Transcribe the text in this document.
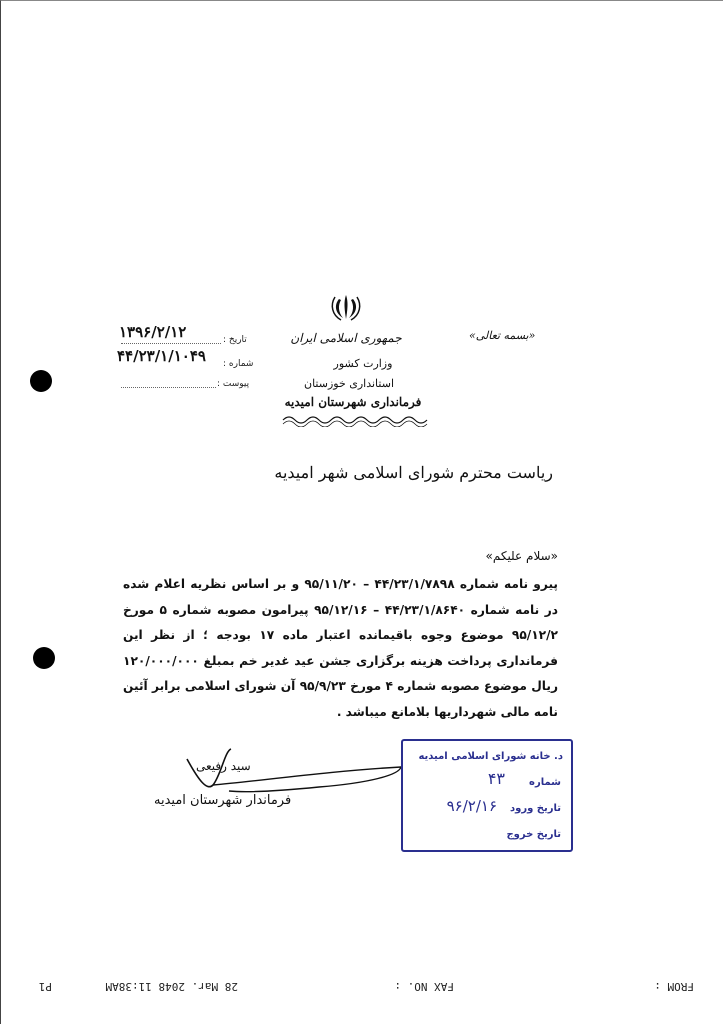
جمهوری اسلامی ایران
وزارت کشور
استانداری خوزستان
فرمانداری شهرستان امیدیه
«بسمه تعالی»
تاریخ :
۱۳۹۶/۲/۱۲
شماره :
۴۴/۲۳/۱/۱۰۴۹
پیوست :
ریاست محترم شورای اسلامی شهر امیدیه
«سلام علیکم»
پیرو نامه شماره ۴۴/۲۳/۱/۷۸۹۸ – ۹۵/۱۱/۲۰ و بر اساس نظریه اعلام شده در نامه شماره ۴۴/۲۳/۱/۸۶۴۰ – ۹۵/۱۲/۱۶ پیرامون مصوبه شماره ۵ مورخ ۹۵/۱۲/۲ موضوع وجوه باقیمانده اعتبار ماده ۱۷ بودجه ؛ از نظر این فرمانداری پرداخت هزینه برگزاری جشن عید غدیر خم بمبلغ ۱۲۰/۰۰۰/۰۰۰ ریال موضوع مصوبه شماره ۴ مورخ ۹۵/۹/۲۳ آن شورای اسلامی برابر آئین نامه مالی شهرداریها بلامانع میباشد .
سید رفیعی
فرماندار شهرستان امیدیه
د. خانه شورای اسلامی امیدیه
شماره
۴۳
تاریخ ورود
۹۶/۲/۱۶
تاریخ خروج
FROM :
FAX NO. :
28 Mar. 2048 11:38AM
P1
